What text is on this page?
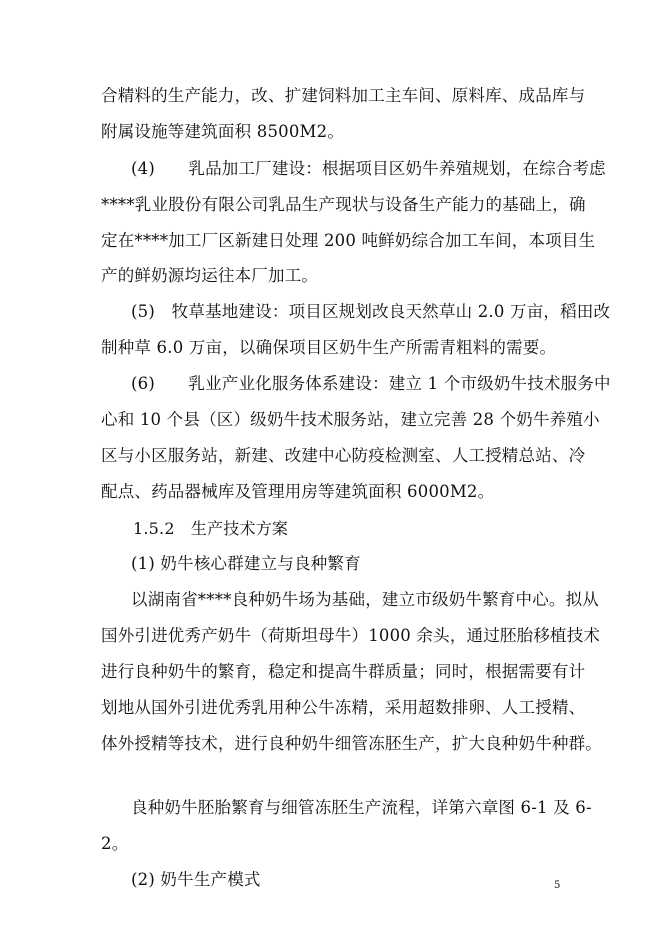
合精料的生产能力，改、扩建饲料加工主车间、原料库、成品库与
附属设施等建筑面积 8500M2。
(4)　　乳品加工厂建设：根据项目区奶牛养殖规划，在综合考虑
****乳业股份有限公司乳品生产现状与设备生产能力的基础上，确
定在****加工厂区新建日处理 200 吨鲜奶综合加工车间，本项目生
产的鲜奶源均运往本厂加工。
(5)　牧草基地建设：项目区规划改良天然草山 2.0 万亩，稻田改
制种草 6.0 万亩，以确保项目区奶牛生产所需青粗料的需要。
(6)　　乳业产业化服务体系建设：建立 1 个市级奶牛技术服务中
心和 10 个县（区）级奶牛技术服务站，建立完善 28 个奶牛养殖小
区与小区服务站，新建、改建中心防疫检测室、人工授精总站、冷
配点、药品器械库及管理用房等建筑面积 6000M2。
1.5.2　生产技术方案
(1) 奶牛核心群建立与良种繁育
以湖南省****良种奶牛场为基础，建立市级奶牛繁育中心。拟从
国外引进优秀产奶牛（荷斯坦母牛）1000 余头，通过胚胎移植技术
进行良种奶牛的繁育，稳定和提高牛群质量；同时，根据需要有计
划地从国外引进优秀乳用种公牛冻精，采用超数排卵、人工授精、
体外授精等技术，进行良种奶牛细管冻胚生产，扩大良种奶牛种群。
良种奶牛胚胎繁育与细管冻胚生产流程，详第六章图 6-1 及 6-
2。
(2) 奶牛生产模式	5
